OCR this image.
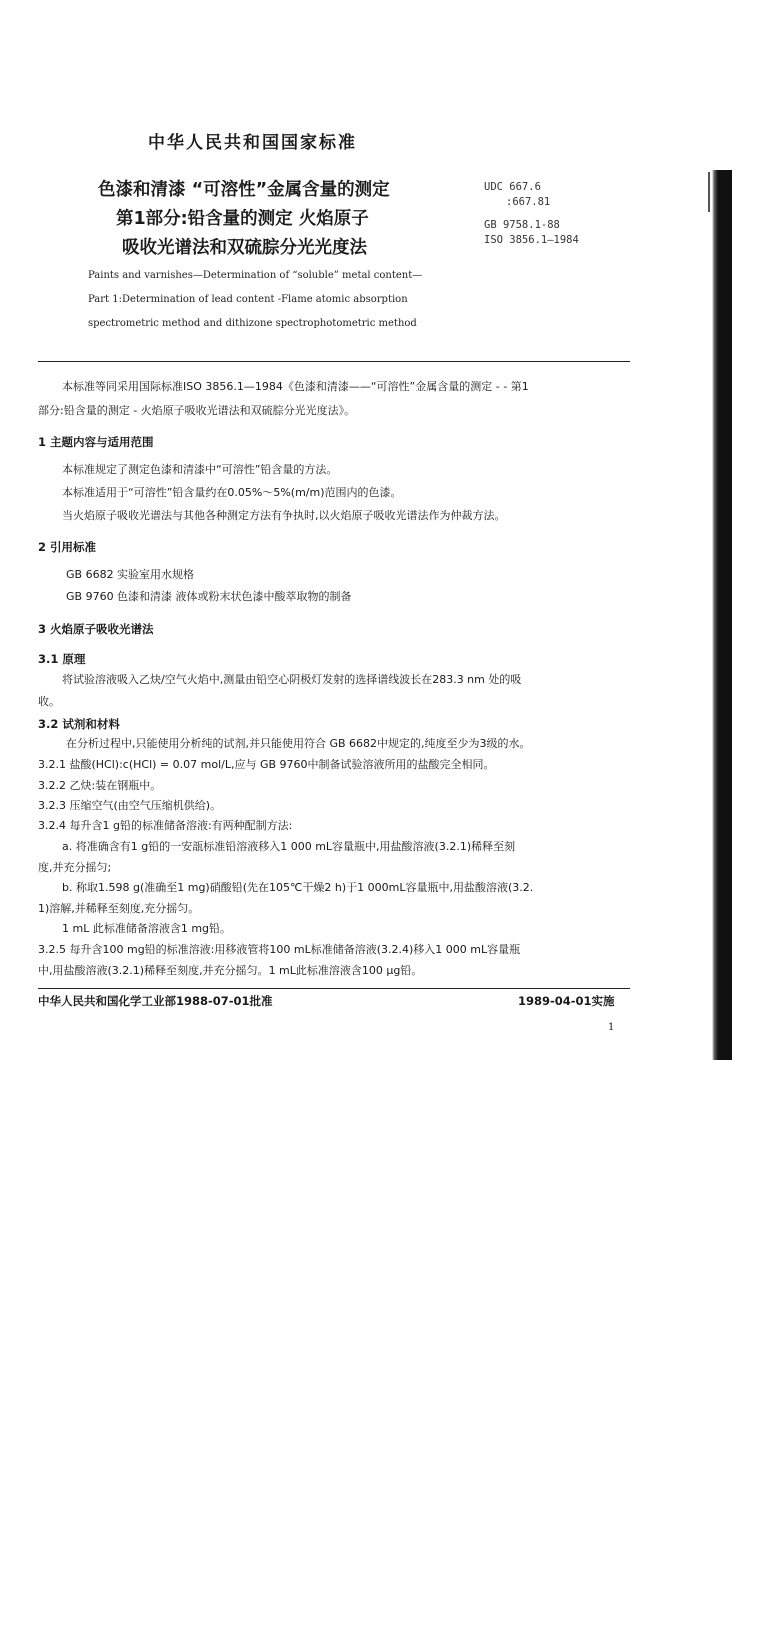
中华人民共和国国家标准
色漆和清漆 “可溶性”金属含量的测定
第1部分:铅含量的测定 火焰原子
吸收光谱法和双硫腙分光光度法
UDC 667.6
:667.81
GB 9758.1-88
ISO 3856.1—1984
Paints and varnishes—Determination of “soluble” metal content—
Part 1:Determination of lead content -Flame atomic absorption
spectrometric method and dithizone spectrophotometric method
本标准等同采用国际标准ISO 3856.1—1984《色漆和清漆——“可溶性”金属含量的测定 - - 第1
部分:铅含量的测定 - 火焰原子吸收光谱法和双硫腙分光光度法》。
1 主题内容与适用范围
本标准规定了测定色漆和清漆中“可溶性”铅含量的方法。
本标准适用于“可溶性”铅含量约在0.05%～5%(m/m)范围内的色漆。
当火焰原子吸收光谱法与其他各种测定方法有争执时,以火焰原子吸收光谱法作为仲裁方法。
2 引用标准
GB 6682 实验室用水规格
GB 9760 色漆和清漆 液体或粉末状色漆中酸萃取物的制备
3 火焰原子吸收光谱法
3.1 原理
将试验溶液吸入乙炔/空气火焰中,测量由铅空心阴极灯发射的选择谱线波长在283.3 nm 处的吸
收。
3.2 试剂和材料
在分析过程中,只能使用分析纯的试剂,并只能使用符合 GB 6682中规定的,纯度至少为3级的水。
3.2.1 盐酸(HCl):c(HCl) = 0.07 mol/L,应与 GB 9760中制备试验溶液所用的盐酸完全相同。
3.2.2 乙炔:装在钢瓶中。
3.2.3 压缩空气(由空气压缩机供给)。
3.2.4 每升含1 g铅的标准储备溶液:有两种配制方法:
a. 将准确含有1 g铅的一安瓿标准铅溶液移入1 000 mL容量瓶中,用盐酸溶液(3.2.1)稀释至刻
度,并充分摇匀;
b. 称取1.598 g(准确至1 mg)硝酸铅(先在105℃干燥2 h)于1 000mL容量瓶中,用盐酸溶液(3.2.
1)溶解,并稀释至刻度,充分摇匀。
1 mL 此标准储备溶液含1 mg铅。
3.2.5 每升含100 mg铅的标准溶液:用移液管将100 mL标准储备溶液(3.2.4)移入1 000 mL容量瓶
中,用盐酸溶液(3.2.1)稀释至刻度,并充分摇匀。1 mL此标准溶液含100 μg铅。
中华人民共和国化学工业部1988-07-01批准	1989-04-01实施
1
